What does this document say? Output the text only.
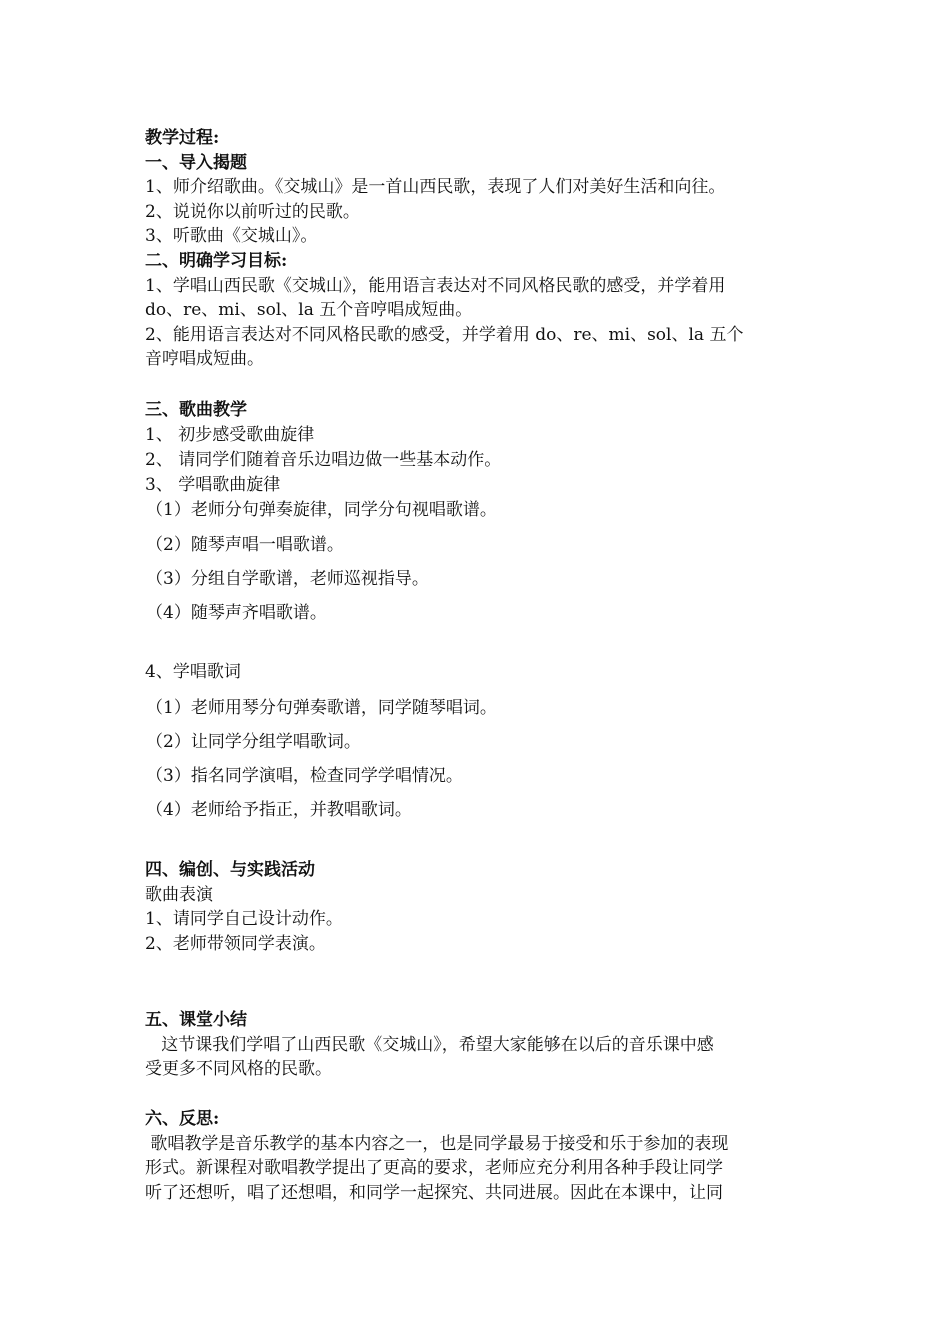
教学过程:
一、导入揭题
1、师介绍歌曲。《交城山》是一首山西民歌，表现了人们对美好生活和向往。
2、说说你以前听过的民歌。
3、听歌曲《交城山》。
二、明确学习目标:
1、学唱山西民歌《交城山》，能用语言表达对不同风格民歌的感受，并学着用
do、re、mi、sol、la 五个音哼唱成短曲。
2、能用语言表达对不同风格民歌的感受，并学着用 do、re、mi、sol、la 五个
音哼唱成短曲。
三、歌曲教学
1、 初步感受歌曲旋律
2、 请同学们随着音乐边唱边做一些基本动作。
3、 学唱歌曲旋律
（1）老师分句弹奏旋律，同学分句视唱歌谱。
（2）随琴声唱一唱歌谱。
（3）分组自学歌谱，老师巡视指导。
（4）随琴声齐唱歌谱。
4、学唱歌词
（1）老师用琴分句弹奏歌谱，同学随琴唱词。
（2）让同学分组学唱歌词。
（3）指名同学演唱，检查同学学唱情况。
（4）老师给予指正，并教唱歌词。
四、编创、与实践活动
歌曲表演
1、请同学自己设计动作。
2、老师带领同学表演。
五、课堂小结
这节课我们学唱了山西民歌《交城山》，希望大家能够在以后的音乐课中感
受更多不同风格的民歌。
六、反思:
歌唱教学是音乐教学的基本内容之一，也是同学最易于接受和乐于参加的表现
形式。新课程对歌唱教学提出了更高的要求，老师应充分利用各种手段让同学
听了还想听，唱了还想唱，和同学一起探究、共同进展。因此在本课中，让同
